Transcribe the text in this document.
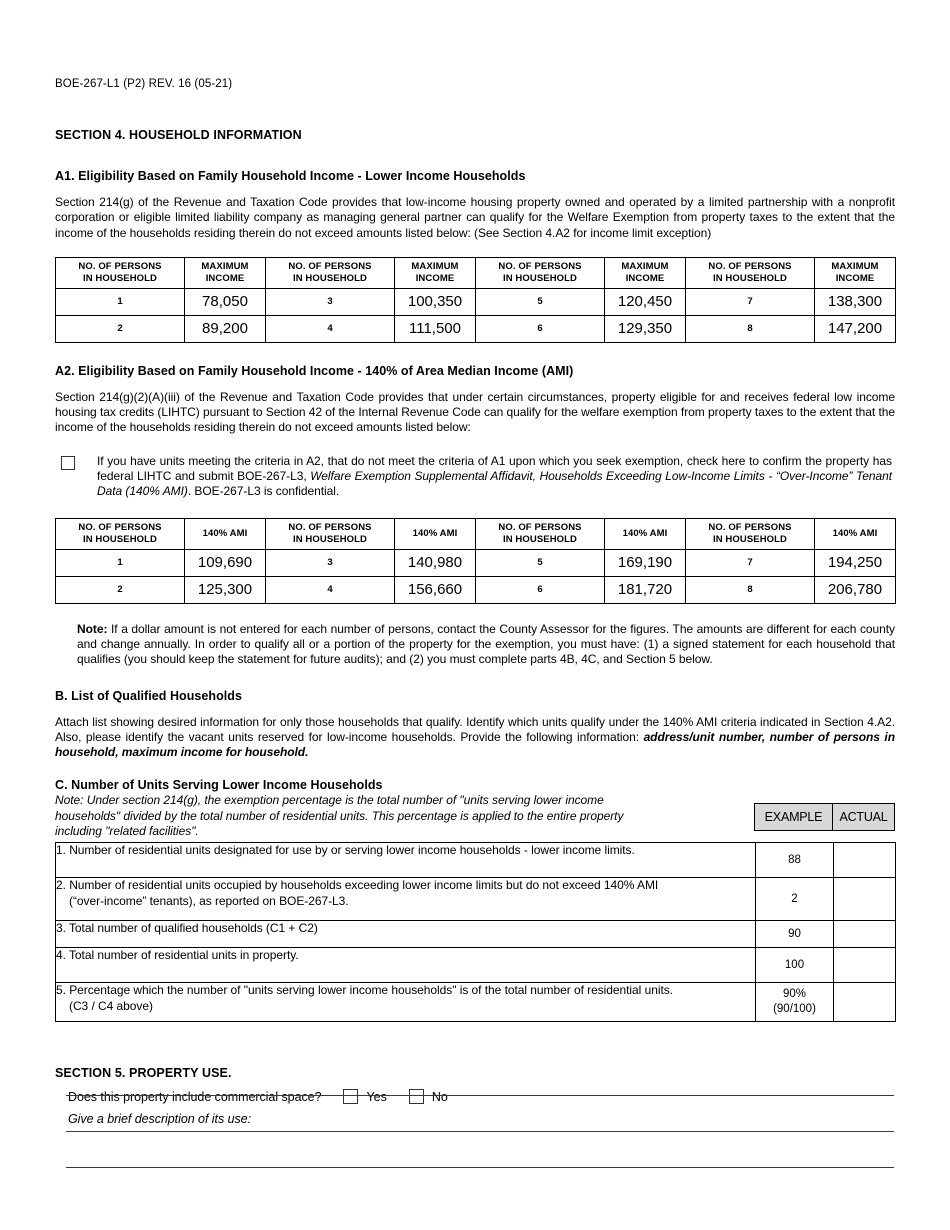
BOE-267-L1 (P2) REV. 16 (05-21)
SECTION 4. HOUSEHOLD INFORMATION
A1. Eligibility Based on Family Household Income - Lower Income Households

Section 214(g) of the Revenue and Taxation Code provides that low-income housing property owned and operated by a limited partnership with a nonprofit corporation or eligible limited liability company as managing general partner can qualify for the Welfare Exemption from property taxes to the extent that the income of the households residing therein do not exceed amounts listed below: (See Section 4.A2 for income limit exception)

NO. OF PERSONS
IN HOUSEHOLD	MAXIMUM
INCOME	NO. OF PERSONS
IN HOUSEHOLD	MAXIMUM
INCOME	NO. OF PERSONS
IN HOUSEHOLD	MAXIMUM
INCOME	NO. OF PERSONS
IN HOUSEHOLD	MAXIMUM
INCOME
1	78,050	3	100,350	5	120,450	7	138,300
2	89,200	4	111,500	6	129,350	8	147,200
A2. Eligibility Based on Family Household Income - 140% of Area Median Income (AMI)

Section 214(g)(2)(A)(iii) of the Revenue and Taxation Code provides that under certain circumstances, property eligible for and receives federal low income housing tax credits (LIHTC) pursuant to Section 42 of the Internal Revenue Code can qualify for the welfare exemption from property taxes to the extent that the income of the households residing therein do not exceed amounts listed below:

If you have units meeting the criteria in A2, that do not meet the criteria of A1 upon which you seek exemption, check here to confirm the property has federal LIHTC and submit BOE-267-L3, Welfare Exemption Supplemental Affidavit, Households Exceeding Low-Income Limits - “Over-Income” Tenant Data (140% AMI). BOE-267-L3 is confidential.
NO. OF PERSONS
IN HOUSEHOLD	140% AMI	NO. OF PERSONS
IN HOUSEHOLD	140% AMI	NO. OF PERSONS
IN HOUSEHOLD	140% AMI	NO. OF PERSONS
IN HOUSEHOLD	140% AMI
1	109,690	3	140,980	5	169,190	7	194,250
2	125,300	4	156,660	6	181,720	8	206,780
Note: If a dollar amount is not entered for each number of persons, contact the County Assessor for the figures. The amounts are different for each county and change annually. In order to qualify all or a portion of the property for the exemption, you must have: (1) a signed statement for each household that qualifies (you should keep the statement for future audits); and (2) you must complete parts 4B, 4C, and Section 5 below.
B. List of Qualified Households

Attach list showing desired information for only those households that qualify. Identify which units qualify under the 140% AMI criteria indicated in Section 4.A2. Also, please identify the vacant units reserved for low-income households. Provide the following information: address/unit number, number of persons in household, maximum income for household.

C. Number of Units Serving Lower Income Households

Note: Under section 214(g), the exemption percentage is the total number of "units serving lower income households" divided by the total number of residential units. This percentage is applied to the entire property including "related facilities".

EXAMPLE	ACTUAL
1. Number of residential units designated for use by or serving lower income households - lower income limits.	88	
2. Number of residential units occupied by households exceeding lower income limits but do not exceed 140% AMI
(“over-income” tenants), as reported on BOE-267-L3.	2	
3. Total number of qualified households (C1 + C2)	90	
4. Total number of residential units in property.	100	
5. Percentage which the number of "units serving lower income households" is of the total number of residential units.
(C3 / C4 above)	90%
(90/100)	
SECTION 5. PROPERTY USE.
Does this property include commercial space?	Yes	No
Give a brief description of its use:
